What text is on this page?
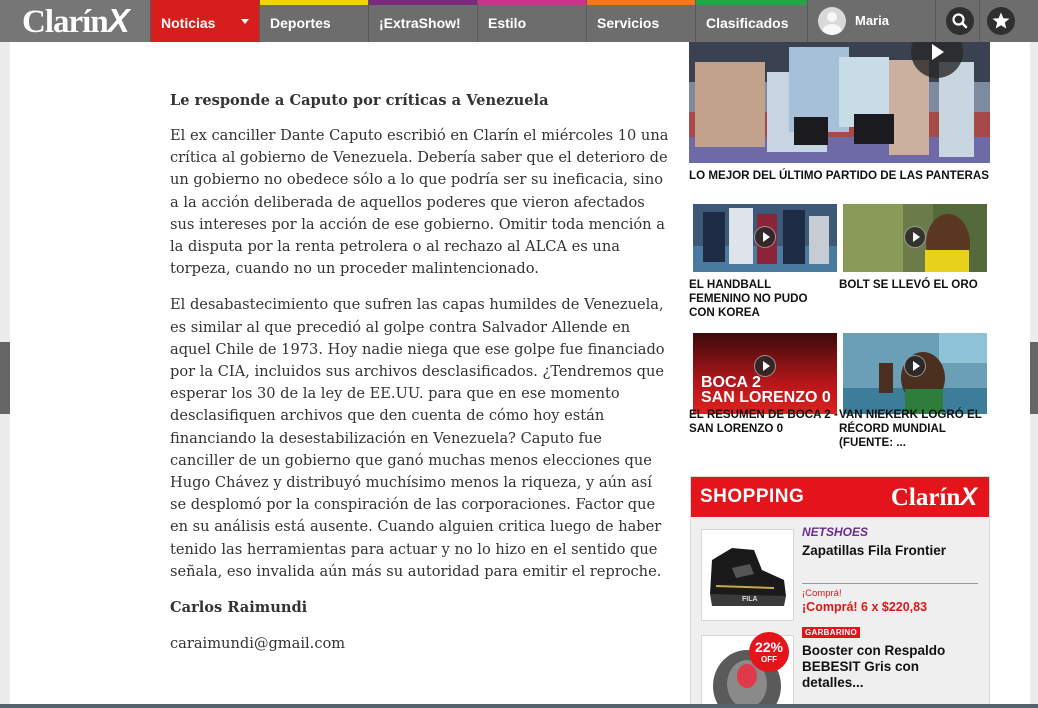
ClarínX	Noticias	Deportes	¡ExtraShow!	Estilo	Servicios	Clasificados	Maria
Le responde a Caputo por críticas a Venezuela

El ex canciller Dante Caputo escribió en Clarín el miércoles 10 una crítica al gobierno de Venezuela. Debería saber que el deterioro de un gobierno no obedece sólo a lo que podría ser su ineficacia, sino a la acción deliberada de aquellos poderes que vieron afectados sus intereses por la acción de ese gobierno. Omitir toda mención a la disputa por la renta petrolera o al rechazo al ALCA es una torpeza, cuando no un proceder malintencionado.

El desabastecimiento que sufren las capas humildes de Venezuela, es similar al que precedió al golpe contra Salvador Allende en aquel Chile de 1973. Hoy nadie niega que ese golpe fue financiado por la CIA, incluidos sus archivos desclasificados. ¿Tendremos que esperar los 30 de la ley de EE.UU. para que en ese momento desclasifiquen archivos que den cuenta de cómo hoy están financiando la desestabilización en Venezuela? Caputo fue canciller de un gobierno que ganó muchas menos elecciones que Hugo Chávez y distribuyó muchísimo menos la riqueza, y aún así se desplomó por la conspiración de las corporaciones. Factor que en su análisis está ausente. Cuando alguien critica luego de haber tenido las herramientas para actuar y no lo hizo en el sentido que señala, eso invalida aún más su autoridad para emitir el reproche.

Carlos Raimundi
caraimundi@gmail.com
LO MEJOR DEL ÚLTIMO PARTIDO DE LAS PANTERAS
EL HANDBALL FEMENINO NO PUDO CON KOREA
BOLT SE LLEVÓ EL ORO
BOCA 2
SAN LORENZO 0
EL RESUMEN DE BOCA 2 - SAN LORENZO 0
VAN NIEKERK LOGRÓ EL RÉCORD MUNDIAL (FUENTE: ...
SHOPPING	ClarínX
FILA
NETSHOES
Zapatillas Fila Frontier
¡Comprá!
¡Comprá! 6 x $220,83
22%
OFF
GARBARINO
Booster con Respaldo BEBESIT Gris con detalles...
